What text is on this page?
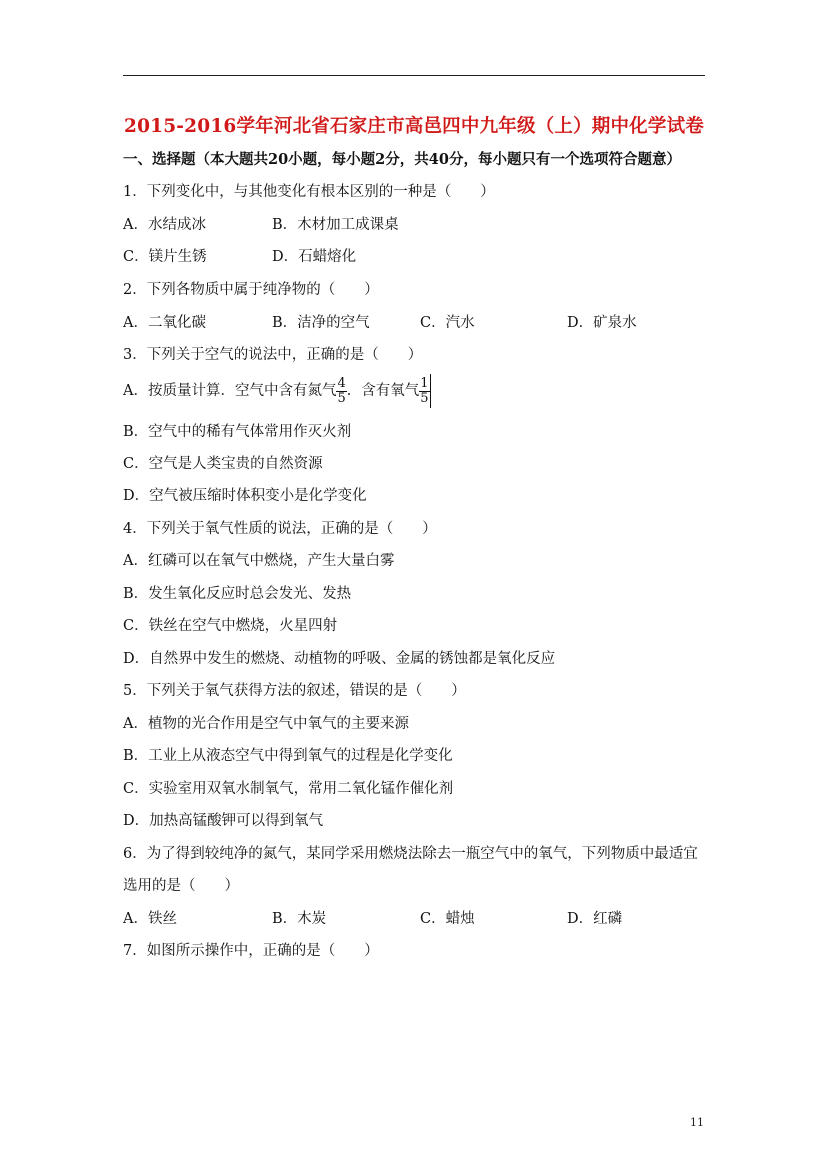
2015-2016学年河北省石家庄市高邑四中九年级（上）期中化学试卷
一、选择题（本大题共20小题，每小题2分，共40分，每小题只有一个选项符合题意）
1．下列变化中，与其他变化有根本区别的一种是（　　）
A．水结成冰	B．木材加工成课桌
C．镁片生锈	D．石蜡熔化
2．下列各物质中属于纯净物的（　　）
A．二氧化碳	B．洁净的空气	C．汽水	D．矿泉水
3．下列关于空气的说法中，正确的是（　　）
A．按质量计算．空气中含有氮气 $\frac{4}{5}$ ．含有氧气 $\frac{1}{5}$
B．空气中的稀有气体常用作灭火剂
C．空气是人类宝贵的自然资源
D．空气被压缩时体积变小是化学变化
4．下列关于氧气性质的说法，正确的是（　　）
A．红磷可以在氧气中燃烧，产生大量白雾
B．发生氧化反应时总会发光、发热
C．铁丝在空气中燃烧，火星四射
D．自然界中发生的燃烧、动植物的呼吸、金属的锈蚀都是氧化反应
5．下列关于氧气获得方法的叙述，错误的是（　　）
A．植物的光合作用是空气中氧气的主要来源
B．工业上从液态空气中得到氧气的过程是化学变化
C．实验室用双氧水制氧气，常用二氧化锰作催化剂
D．加热高锰酸钾可以得到氧气
6．为了得到较纯净的氮气，某同学采用燃烧法除去一瓶空气中的氧气，下列物质中最适宜
选用的是（　　）
A．铁丝	B．木炭	C．蜡烛	D．红磷
7．如图所示操作中，正确的是（　　）
11
